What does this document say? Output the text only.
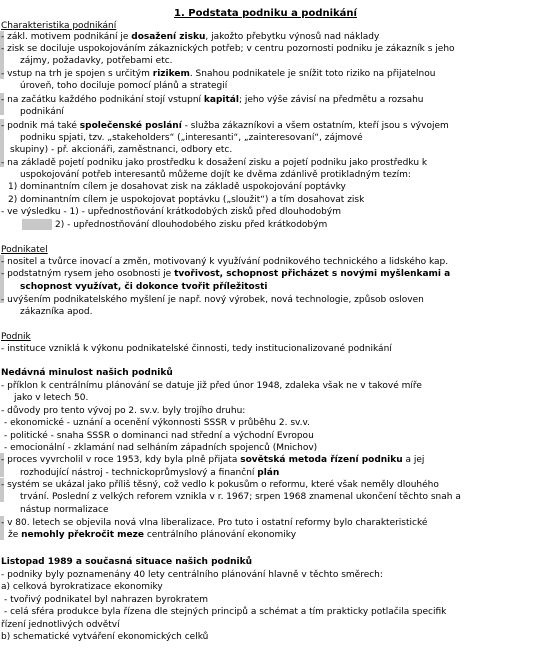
1. Podstata podniku a podnikání
Charakteristika podnikání
- zákl. motivem podnikání je dosažení zisku, jakožto přebytku výnosů nad náklady
- zisk se dociluje uspokojováním zákaznických potřeb; v centru pozornosti podniku je zákazník s jeho
zájmy, požadavky, potřebami etc.
- vstup na trh je spojen s určitým rizikem. Snahou podnikatele je snížit toto riziko na přijatelnou
úroveň, toho dociluje pomocí plánů a strategií
- na začátku každého podnikání stojí vstupní kapitál; jeho výše závisí na předmětu a rozsahu
podnikání
- podnik má také společenské poslání - služba zákazníkovi a všem ostatním, kteří jsou s vývojem
podniku spjati, tzv. „stakeholders“ („interesanti“, „zainteresovaní“, zájmové
skupiny) - př. akcionáři, zaměstnanci, odbory etc.
- na základě pojetí podniku jako prostředku k dosažení zisku a pojetí podniku jako prostředku k
uspokojování potřeb interesantů můžeme dojít ke dvěma zdánlivě protikladným tezím:
1) dominantním cílem je dosahovat zisk na základě uspokojování poptávky
2) dominantním cílem je uspokojovat poptávku („sloužit“) a tím dosahovat zisk
- ve výsledku - 1) - upřednostňování krátkodobých zisků před dlouhodobým
2) - upřednostňování dlouhodobého zisku před krátkodobým
Podnikatel
- nositel a tvůrce inovací a změn, motivovaný k využívání podnikového technického a lidského kap.
- podstatným rysem jeho osobnosti je tvořivost, schopnost přicházet s novými myšlenkami a
schopnost využívat, či dokonce tvořit příležitosti
- uvýšením podnikatelského myšlení je např. nový výrobek, nová technologie, způsob osloven
zákazníka apod.
Podnik
- instituce vzniklá k výkonu podnikatelské činnosti, tedy institucionalizované podnikání
Nedávná minulost našich podniků
- příklon k centrálnímu plánování se datuje již před únor 1948, zdaleka však ne v takové míře
jako v letech 50.
- důvody pro tento vývoj po 2. sv.v. byly trojího druhu:
- ekonomické - uznání a ocenění výkonnosti SSSR v průběhu 2. sv.v.
- politické - snaha SSSR o dominanci nad střední a východní Evropou
- emocionální - zklamání nad selháním západních spojenců (Mnichov)
- proces vyvrcholil v roce 1953, kdy byla plně přijata sovětská metoda řízení podniku a jej
rozhodující nástroj - technickoprůmyslový a finanční plán
- systém se ukázal jako příliš těsný, což vedlo k pokusům o reformu, které však neměly dlouhého
trvání. Poslední z velkých reforem vznikla v r. 1967; srpen 1968 znamenal ukončení těchto snah a
nástup normalizace
- v 80. letech se objevila nová vlna liberalizace. Pro tuto i ostatní reformy bylo charakteristické
že nemohly překročit meze centrálního plánování ekonomiky
Listopad 1989 a současná situace našich podniků
- podniky byly poznamenány 40 lety centrálního plánování hlavně v těchto směrech:
a) celková byrokratizace ekonomiky
- tvořivý podnikatel byl nahrazen byrokratem
- celá sféra produkce byla řízena dle stejných principů a schémat a tím prakticky potlačila specifik
řízení jednotlivých odvětví
b) schematické vytváření ekonomických celků
